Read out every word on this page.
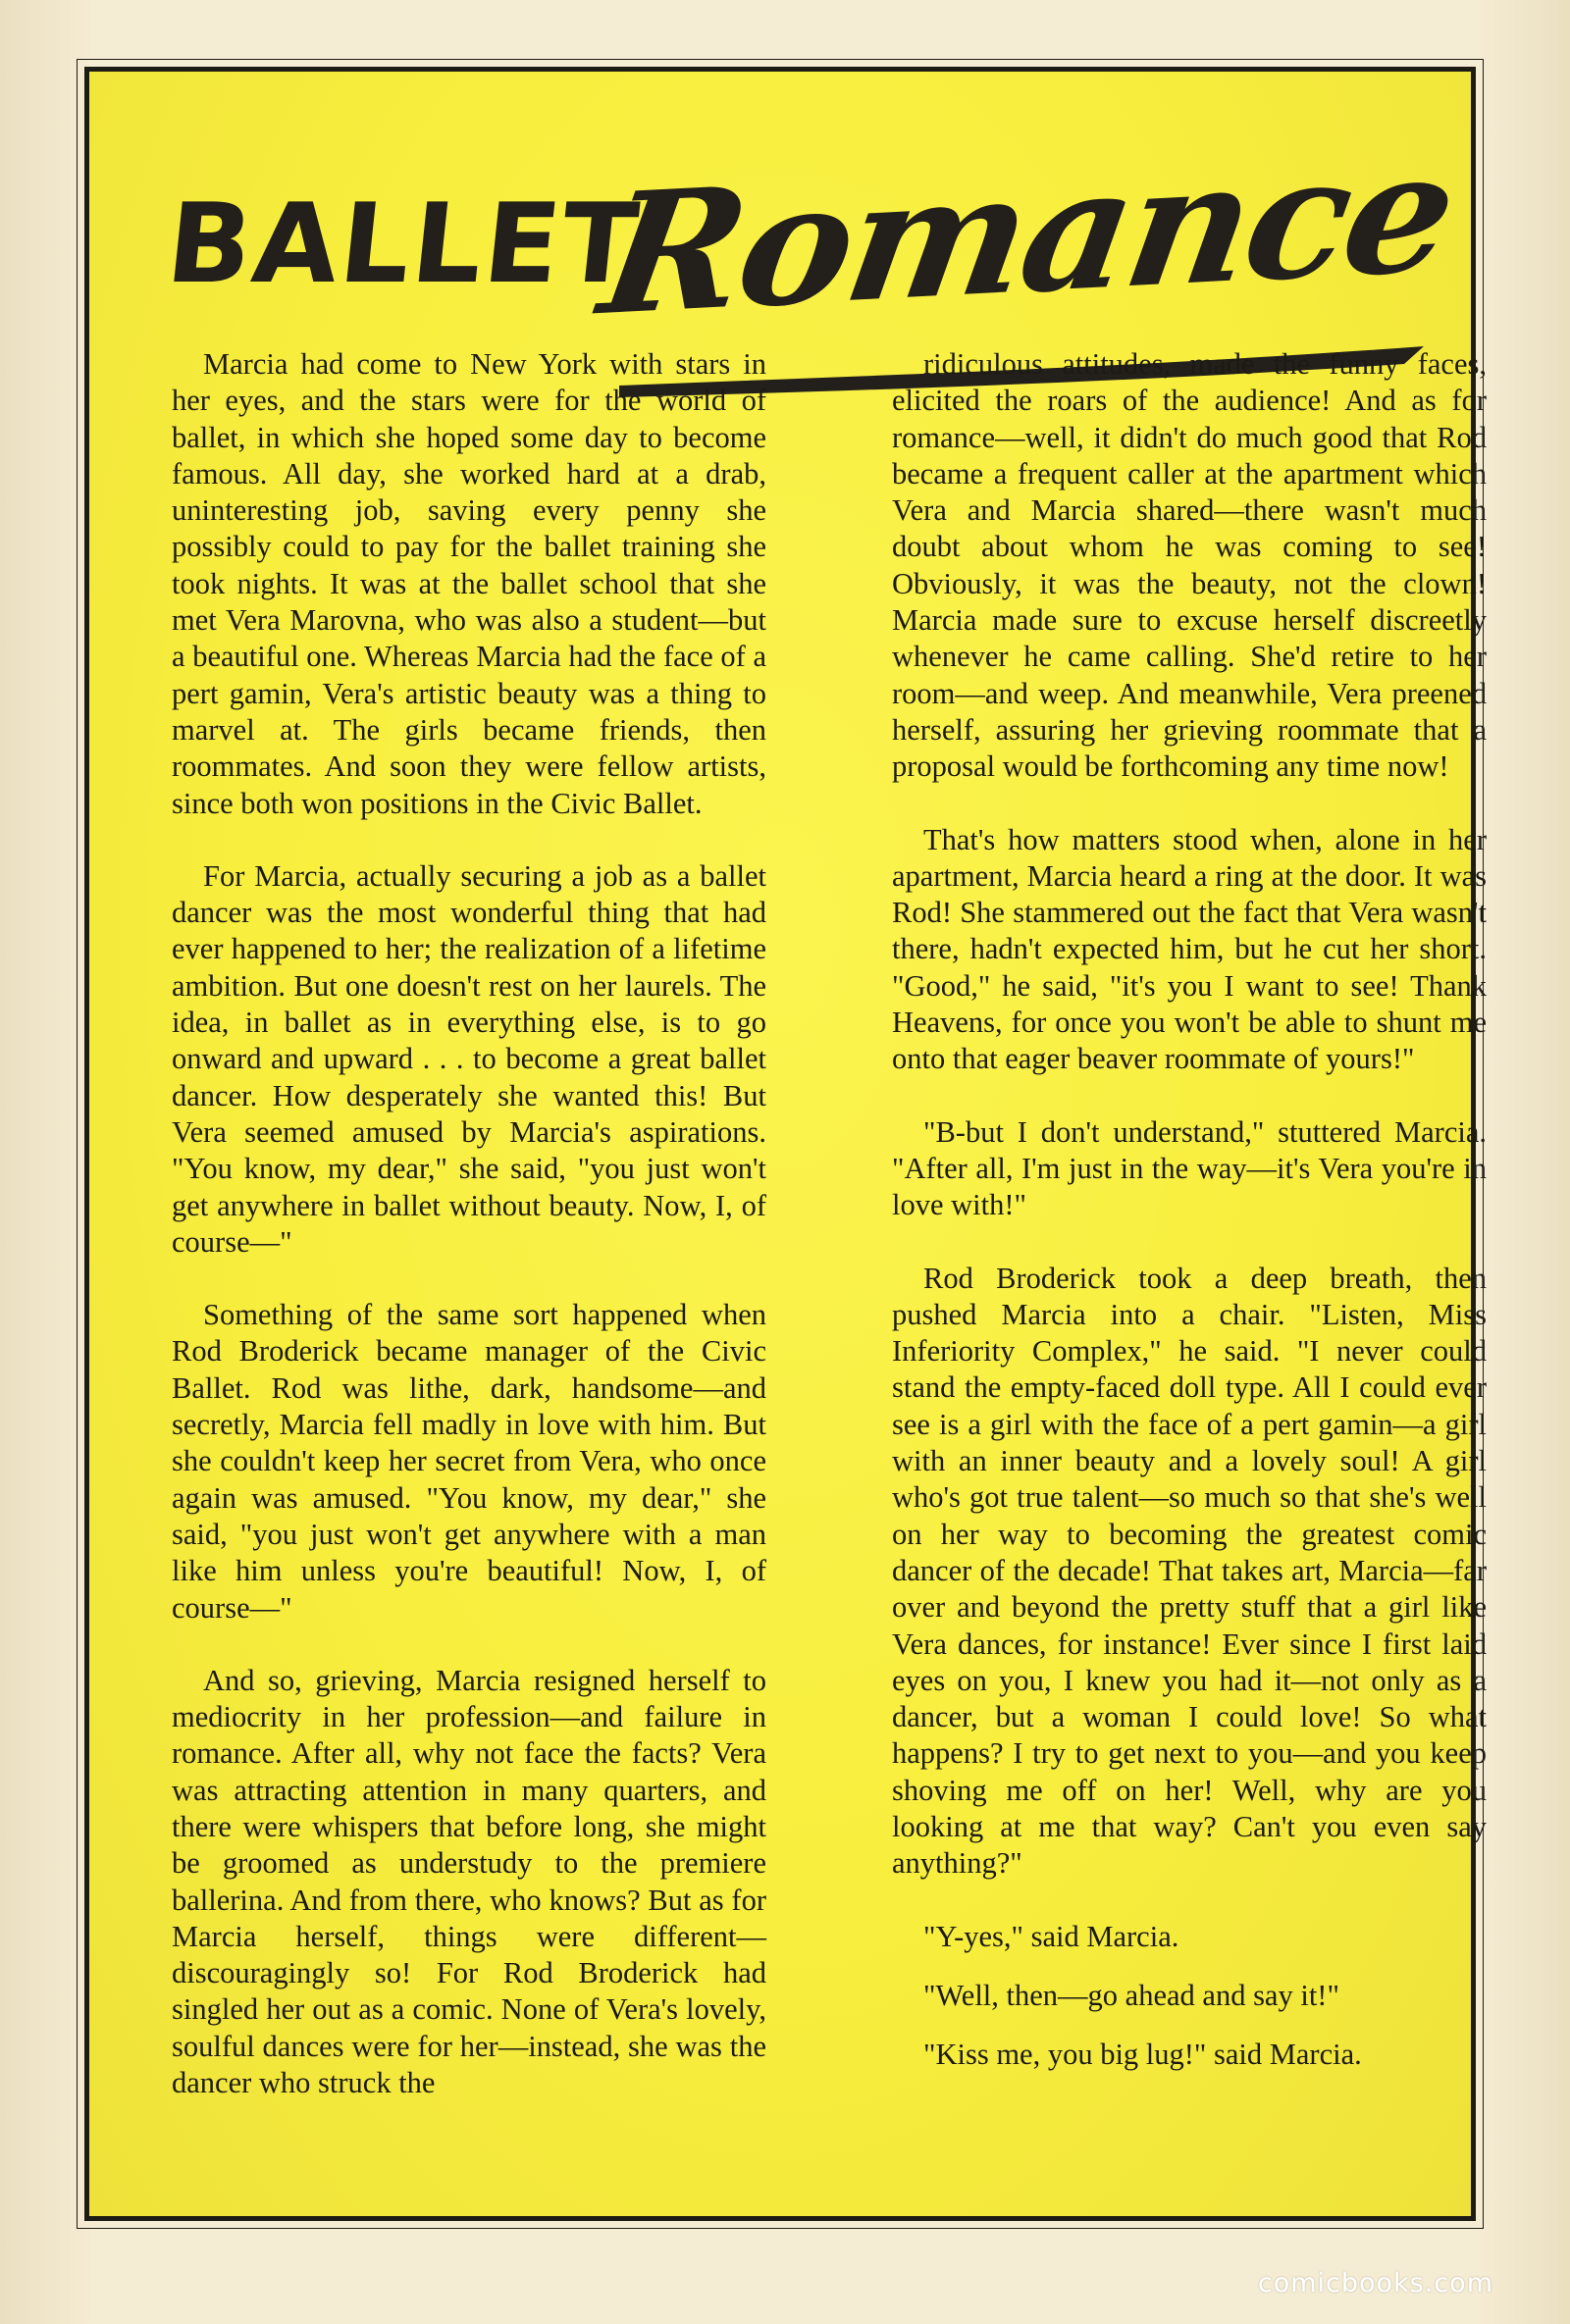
BALLET
Romance

Marcia had come to New York with stars in her eyes, and the stars were for the world of ballet, in which she hoped some day to become famous. All day, she worked hard at a drab, uninteresting job, saving every penny she possibly could to pay for the ballet training she took nights. It was at the ballet school that she met Vera Marovna, who was also a student—but a beautiful one. Whereas Marcia had the face of a pert gamin, Vera's artistic beauty was a thing to marvel at. The girls became friends, then roommates. And soon they were fellow artists, since both won positions in the Civic Ballet.

For Marcia, actually securing a job as a ballet dancer was the most wonderful thing that had ever happened to her; the realization of a lifetime ambition. But one doesn't rest on her laurels. The idea, in ballet as in everything else, is to go onward and upward . . . to become a great ballet dancer. How desperately she wanted this! But Vera seemed amused by Marcia's aspirations. "You know, my dear," she said, "you just won't get anywhere in ballet without beauty. Now, I, of course—"

Something of the same sort happened when Rod Broderick became manager of the Civic Ballet. Rod was lithe, dark, handsome—and secretly, Marcia fell madly in love with him. But she couldn't keep her secret from Vera, who once again was amused. "You know, my dear," she said, "you just won't get anywhere with a man like him unless you're beautiful! Now, I, of course—"

And so, grieving, Marcia resigned herself to mediocrity in her profession—and failure in romance. After all, why not face the facts? Vera was attracting attention in many quarters, and there were whispers that before long, she might be groomed as understudy to the premiere ballerina. And from there, who knows? But as for Marcia herself, things were different—discouragingly so! For Rod Broderick had singled her out as a comic. None of Vera's lovely, soulful dances were for her—instead, she was the dancer who struck the

ridiculous attitudes, made the funny faces, elicited the roars of the audience! And as for romance—well, it didn't do much good that Rod became a frequent caller at the apartment which Vera and Marcia shared—there wasn't much doubt about whom he was coming to see! Obviously, it was the beauty, not the clown! Marcia made sure to excuse herself discreetly whenever he came calling. She'd retire to her room—and weep. And meanwhile, Vera preened herself, assuring her grieving roommate that a proposal would be forthcoming any time now!

That's how matters stood when, alone in her apartment, Marcia heard a ring at the door. It was Rod! She stammered out the fact that Vera wasn't there, hadn't expected him, but he cut her short. "Good," he said, "it's you I want to see! Thank Heavens, for once you won't be able to shunt me onto that eager beaver roommate of yours!"

"B-but I don't understand," stuttered Marcia. "After all, I'm just in the way—it's Vera you're in love with!"

Rod Broderick took a deep breath, then pushed Marcia into a chair. "Listen, Miss Inferiority Complex," he said. "I never could stand the empty-faced doll type. All I could ever see is a girl with the face of a pert gamin—a girl with an inner beauty and a lovely soul! A girl who's got true talent—so much so that she's well on her way to becoming the greatest comic dancer of the decade! That takes art, Marcia—far over and beyond the pretty stuff that a girl like Vera dances, for instance! Ever since I first laid eyes on you, I knew you had it—not only as a dancer, but a woman I could love! So what happens? I try to get next to you—and you keep shoving me off on her! Well, why are you looking at me that way? Can't you even say anything?"

"Y-yes," said Marcia.

"Well, then—go ahead and say it!"

"Kiss me, you big lug!" said Marcia.

comicbooks.com
